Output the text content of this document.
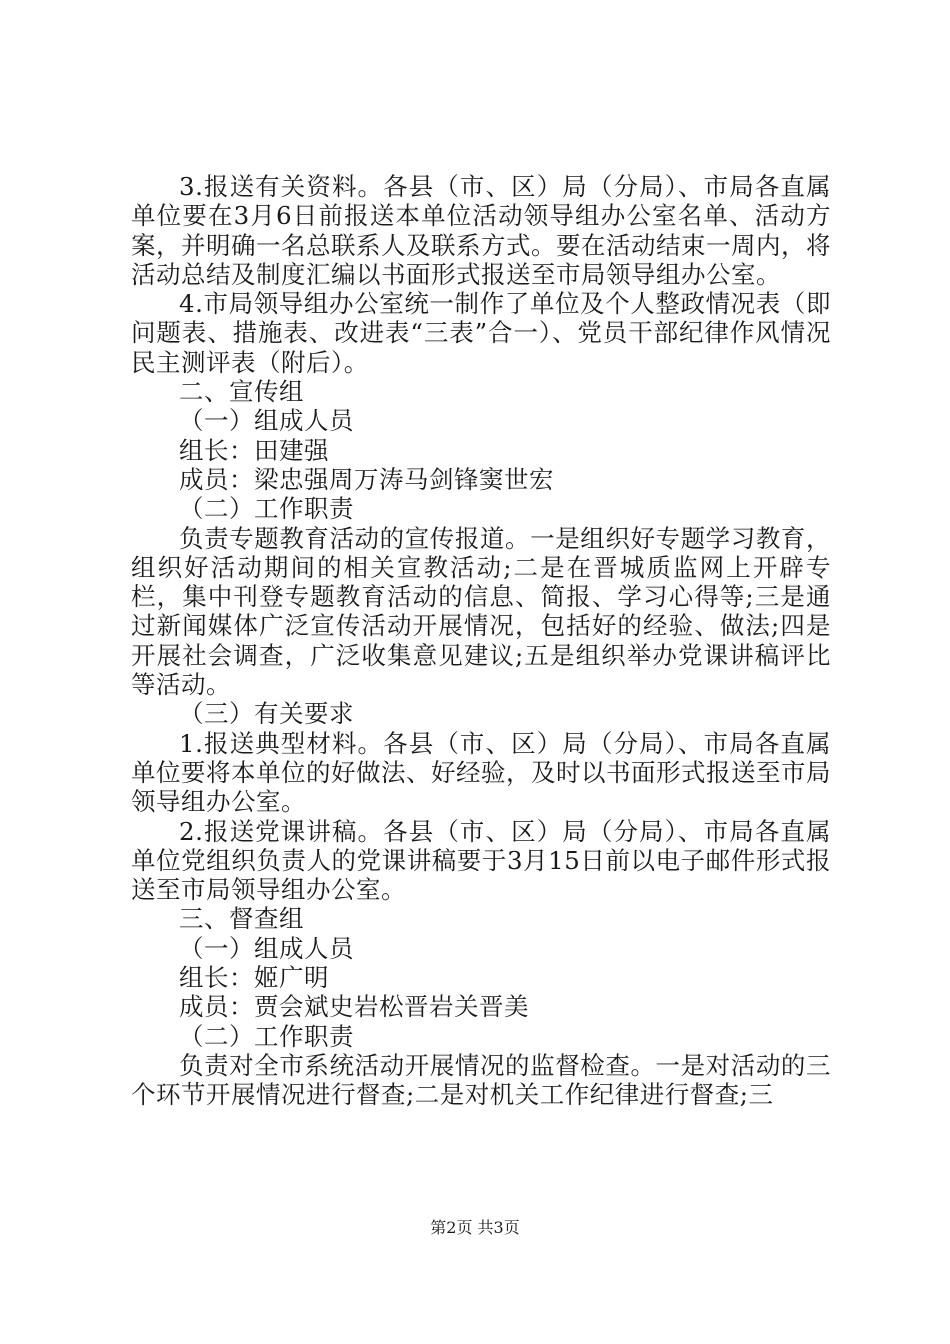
3.报送有关资料。各县（市、区）局（分局）、市局各直属单位要在3月6日前报送本单位活动领导组办公室名单、活动方案，并明确一名总联系人及联系方式。要在活动结束一周内，将活动总结及制度汇编以书面形式报送至市局领导组办公室。

4.市局领导组办公室统一制作了单位及个人整政情况表（即问题表、措施表、改进表“三表”合一）、党员干部纪律作风情况民主测评表（附后）。

二、宣传组

（一）组成人员

组长：田建强

成员：梁忠强周万涛马剑锋窦世宏

（二）工作职责

负责专题教育活动的宣传报道。一是组织好专题学习教育，组织好活动期间的相关宣教活动;二是在晋城质监网上开辟专栏，集中刊登专题教育活动的信息、简报、学习心得等;三是通过新闻媒体广泛宣传活动开展情况，包括好的经验、做法;四是开展社会调查，广泛收集意见建议;五是组织举办党课讲稿评比等活动。

（三）有关要求

1.报送典型材料。各县（市、区）局（分局）、市局各直属单位要将本单位的好做法、好经验，及时以书面形式报送至市局领导组办公室。

2.报送党课讲稿。各县（市、区）局（分局）、市局各直属单位党组织负责人的党课讲稿要于3月15日前以电子邮件形式报送至市局领导组办公室。

三、督查组

（一）组成人员

组长：姬广明

成员：贾会斌史岩松晋岩关晋美

（二）工作职责

负责对全市系统活动开展情况的监督检查。一是对活动的三个环节开展情况进行督查;二是对机关工作纪律进行督查;三

第2页 共3页
